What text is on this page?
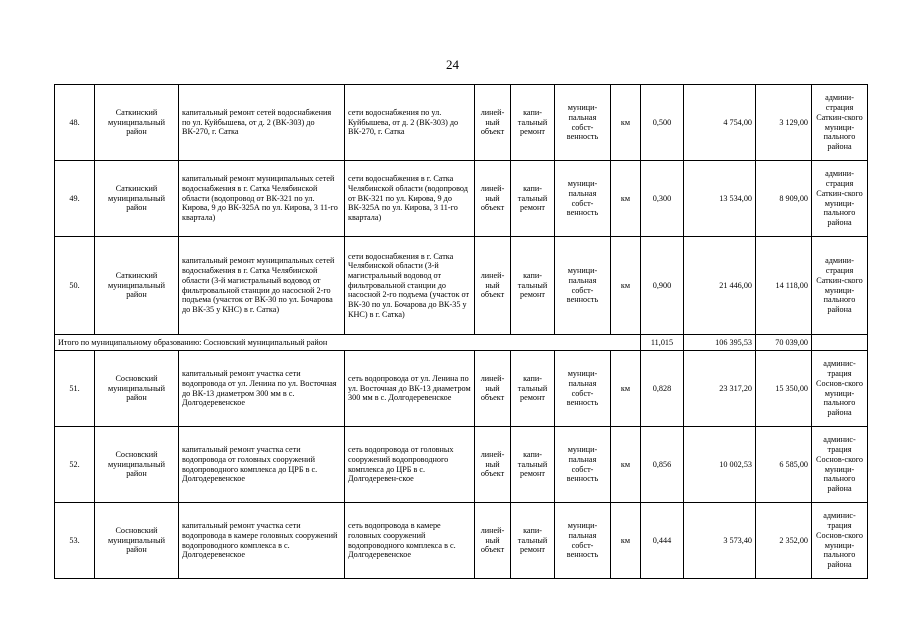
24
48.	Саткинский муниципальный район	капитальный ремонт сетей водоснабжения по ул. Куйбышева, от д. 2 (ВК-303) до ВК-270, г. Сатка	сети водоснабжения по ул. Куйбышева, от д. 2 (ВК-303) до ВК-270, г. Сатка	линей-ный объект	капи-тальный ремонт	муници-пальная собст-венность	км	0,500	4 754,00	3 129,00	админи-страция Саткин-ского муници-пального района
49.	Саткинский муниципальный район	капитальный ремонт муниципальных сетей водоснабжения в г. Сатка Челябинской области (водопровод от ВК-321 по ул. Кирова, 9 до ВК-325А по ул. Кирова, 3 11-го квартала)	сети водоснабжения в г. Сатка Челябинской области (водопровод от ВК-321 по ул. Кирова, 9 до ВК-325А по ул. Кирова, 3 11-го квартала)	линей-ный объект	капи-тальный ремонт	муници-пальная собст-венность	км	0,300	13 534,00	8 909,00	админи-страция Саткин-ского муници-пального района
50.	Саткинский муниципальный район	капитальный ремонт муниципальных сетей водоснабжения в г. Сатка Челябинской области (3-й магистральный водовод от фильтровальной станции до насосной 2-го подъема (участок от ВК-30 по ул. Бочарова до ВК-35 у КНС) в г. Сатка)	сети водоснабжения в г. Сатка Челябинской области (3-й магистральный водовод от фильтровальной станции до насосной 2-го подъема (участок от ВК-30 по ул. Бочарова до ВК-35 у КНС) в г. Сатка)	линей-ный объект	капи-тальный ремонт	муници-пальная собст-венность	км	0,900	21 446,00	14 118,00	админи-страция Саткин-ского муници-пального района
Итого по муниципальному образованию: Сосновский муниципальный район								11,015	106 395,53	70 039,00	
51.	Сосновский муниципальный район	капитальный ремонт участка сети водопровода от ул. Ленина по ул. Восточная до ВК-13 диаметром 300 мм в с. Долгодеревенское	сеть водопровода от ул. Ленина по ул. Восточная до ВК-13 диаметром 300 мм в с. Долгодеревенское	линей-ный объект	капи-тальный ремонт	муници-пальная собст-венность	км	0,828	23 317,20	15 350,00	админис-трация Соснов-ского муници-пального района
52.	Сосновский муниципальный район	капитальный ремонт участка сети водопровода от головных сооружений водопроводного комплекса до ЦРБ в с. Долгодеревенское	сеть водопровода от головных сооружений водопроводного комплекса до ЦРБ в с. Долгодеревен-ское	линей-ный объект	капи-тальный ремонт	муници-пальная собст-венность	км	0,856	10 002,53	6 585,00	админис-трация Соснов-ского муници-пального района
53.	Сосновский муниципальный район	капитальный ремонт участка сети водопровода в камере головных сооружений водопроводного комплекса в с. Долгодеревенское	сеть водопровода в камере головных сооружений водопроводного комплекса в с. Долгодеревенское	линей-ный объект	капи-тальный ремонт	муници-пальная собст-венность	км	0,444	3 573,40	2 352,00	админис-трация Соснов-ского муници-пального района
